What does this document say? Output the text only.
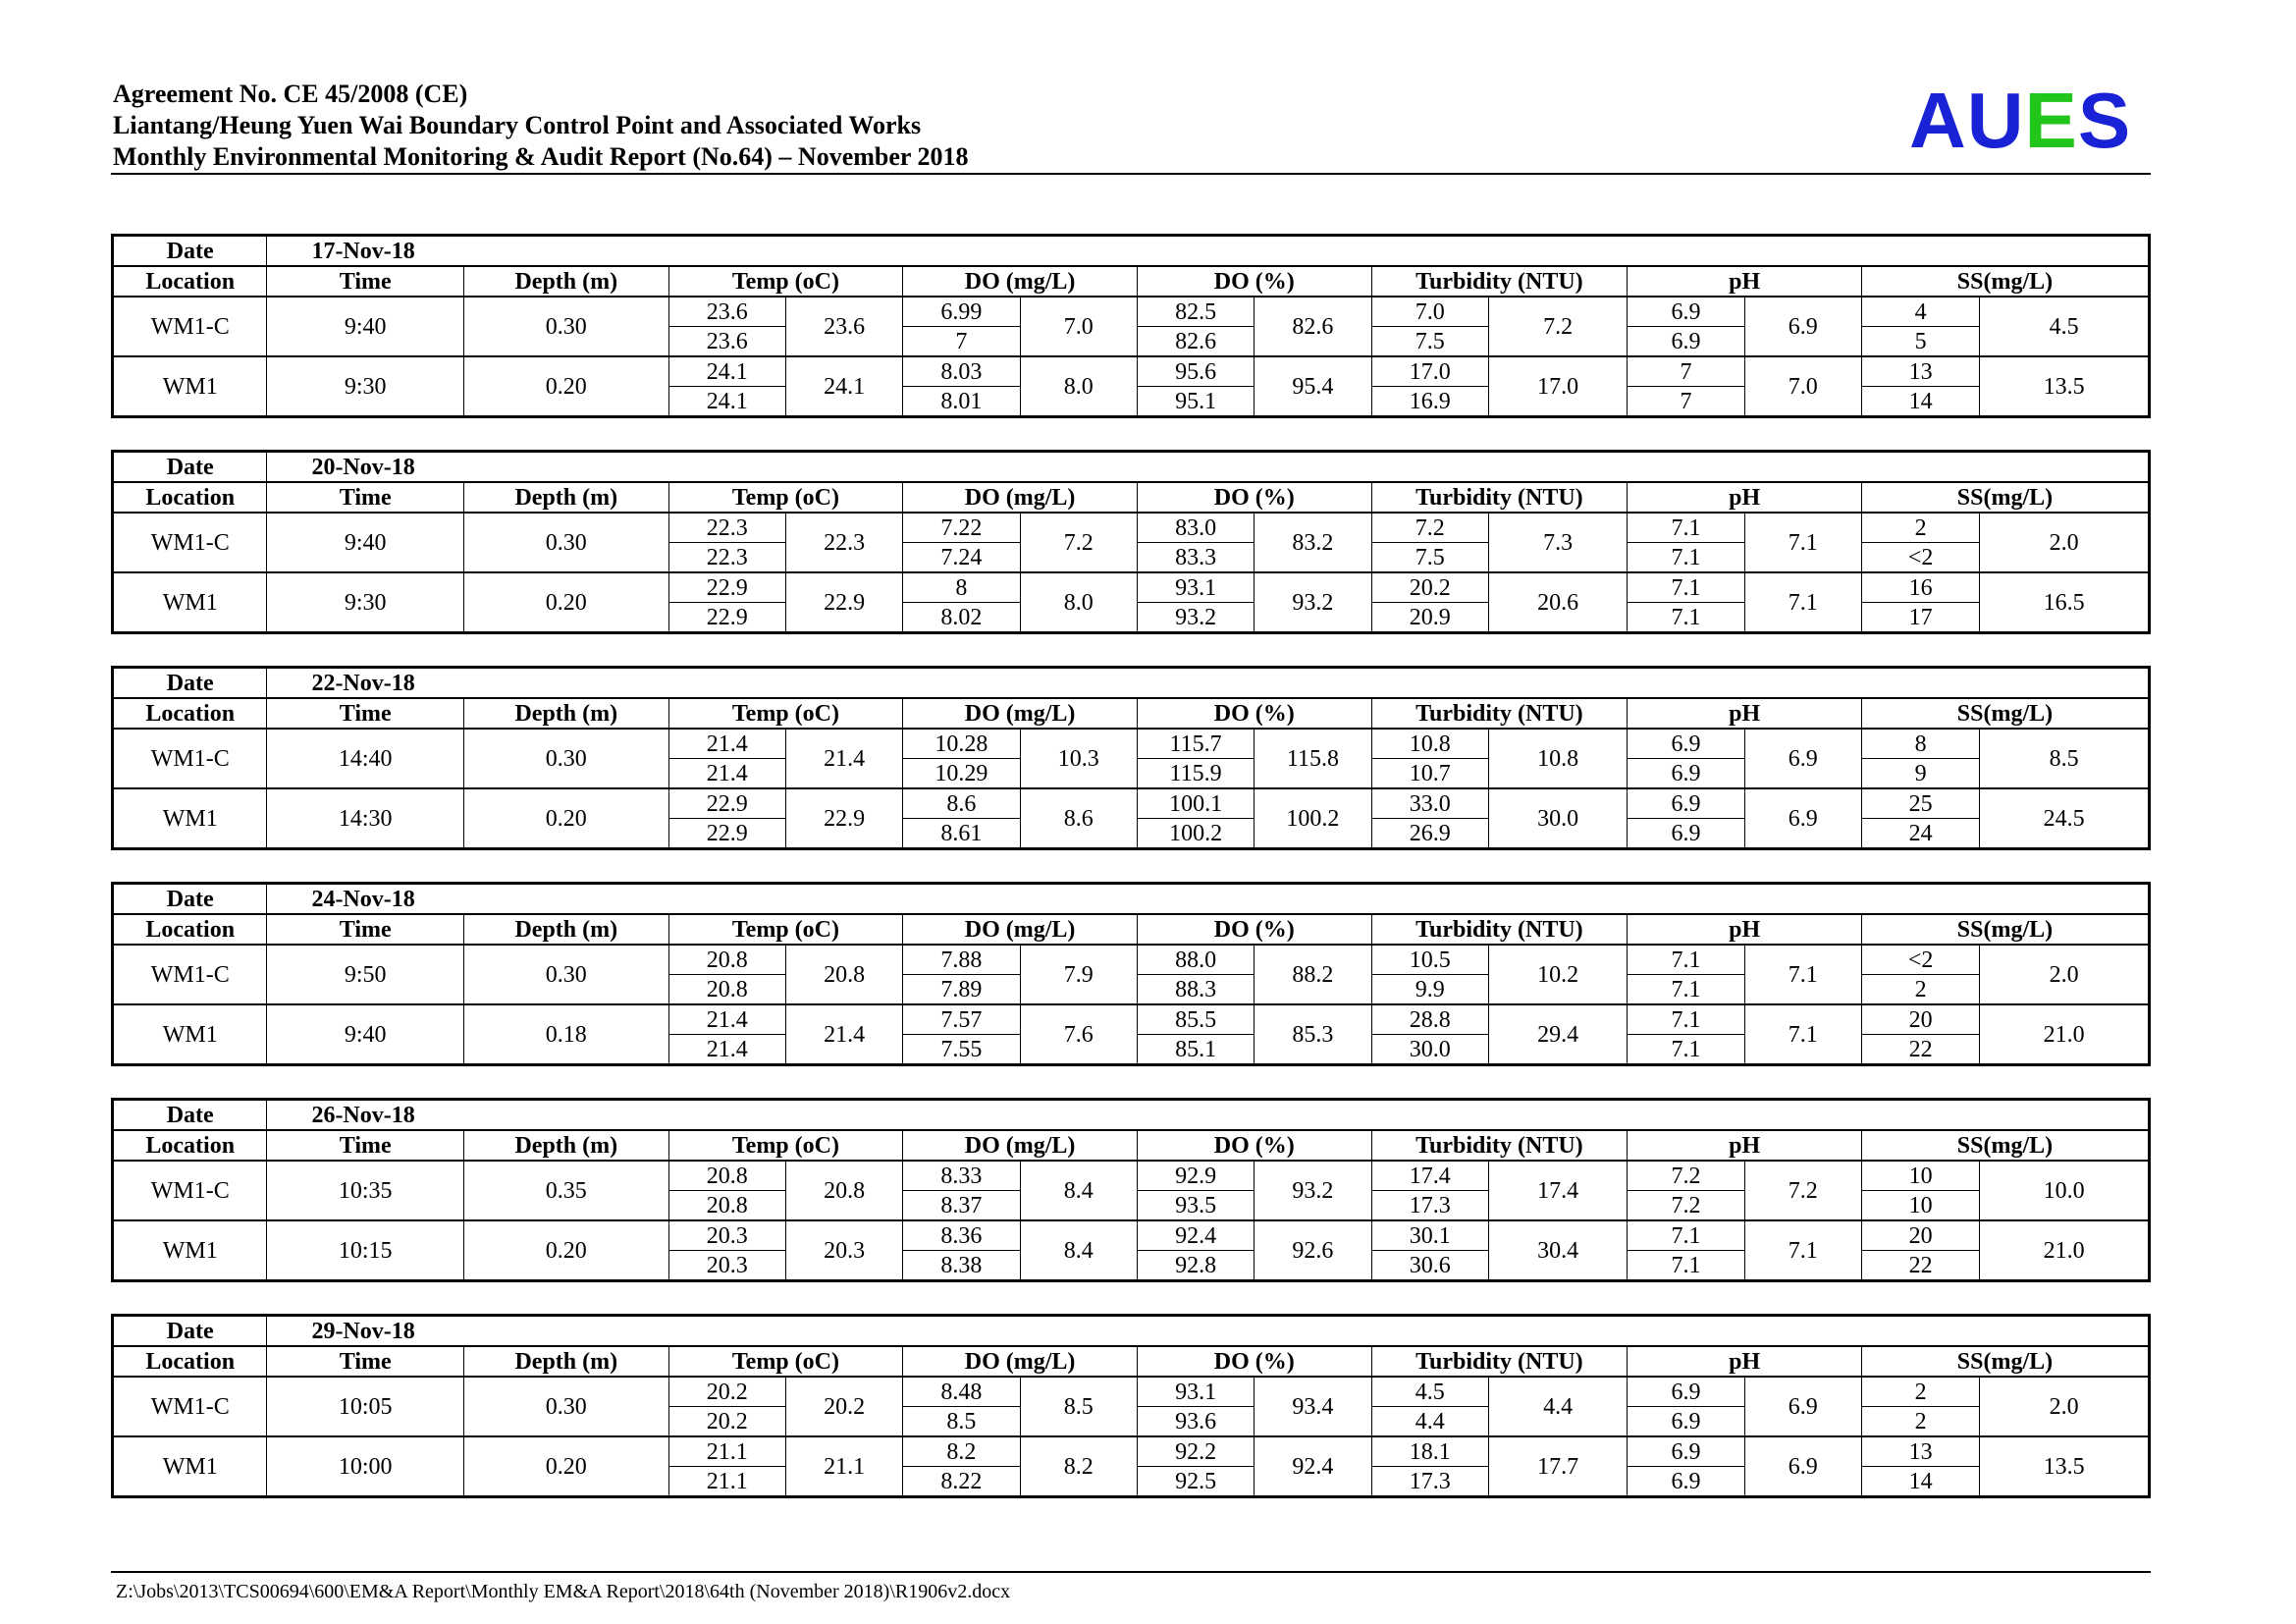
Agreement No. CE 45/2008 (CE)
Liantang/Heung Yuen Wai Boundary Control Point and Associated Works
Monthly Environmental Monitoring & Audit Report (No.64) – November 2018	AUES
Date	17-Nov-18													
Location	Time	Depth (m)	Temp (oC)		DO (mg/L)		DO (%)		Turbidity (NTU)		pH		SS(mg/L)	
WM1-C	9:40	0.30	23.6	23.6	6.99	7.0	82.5	82.6	7.0	7.2	6.9	6.9	4	4.5
			23.6		7		82.6		7.5		6.9		5	
WM1	9:30	0.20	24.1	24.1	8.03	8.0	95.6	95.4	17.0	17.0	7	7.0	13	13.5
			24.1		8.01		95.1		16.9		7		14	
Date	20-Nov-18													
Location	Time	Depth (m)	Temp (oC)		DO (mg/L)		DO (%)		Turbidity (NTU)		pH		SS(mg/L)	
WM1-C	9:40	0.30	22.3	22.3	7.22	7.2	83.0	83.2	7.2	7.3	7.1	7.1	2	2.0
			22.3		7.24		83.3		7.5		7.1		<2	
WM1	9:30	0.20	22.9	22.9	8	8.0	93.1	93.2	20.2	20.6	7.1	7.1	16	16.5
			22.9		8.02		93.2		20.9		7.1		17	
Date	22-Nov-18													
Location	Time	Depth (m)	Temp (oC)		DO (mg/L)		DO (%)		Turbidity (NTU)		pH		SS(mg/L)	
WM1-C	14:40	0.30	21.4	21.4	10.28	10.3	115.7	115.8	10.8	10.8	6.9	6.9	8	8.5
			21.4		10.29		115.9		10.7		6.9		9	
WM1	14:30	0.20	22.9	22.9	8.6	8.6	100.1	100.2	33.0	30.0	6.9	6.9	25	24.5
			22.9		8.61		100.2		26.9		6.9		24	
Date	24-Nov-18													
Location	Time	Depth (m)	Temp (oC)		DO (mg/L)		DO (%)		Turbidity (NTU)		pH		SS(mg/L)	
WM1-C	9:50	0.30	20.8	20.8	7.88	7.9	88.0	88.2	10.5	10.2	7.1	7.1	<2	2.0
			20.8		7.89		88.3		9.9		7.1		2	
WM1	9:40	0.18	21.4	21.4	7.57	7.6	85.5	85.3	28.8	29.4	7.1	7.1	20	21.0
			21.4		7.55		85.1		30.0		7.1		22	
Date	26-Nov-18													
Location	Time	Depth (m)	Temp (oC)		DO (mg/L)		DO (%)		Turbidity (NTU)		pH		SS(mg/L)	
WM1-C	10:35	0.35	20.8	20.8	8.33	8.4	92.9	93.2	17.4	17.4	7.2	7.2	10	10.0
			20.8		8.37		93.5		17.3		7.2		10	
WM1	10:15	0.20	20.3	20.3	8.36	8.4	92.4	92.6	30.1	30.4	7.1	7.1	20	21.0
			20.3		8.38		92.8		30.6		7.1		22	
Date	29-Nov-18													
Location	Time	Depth (m)	Temp (oC)		DO (mg/L)		DO (%)		Turbidity (NTU)		pH		SS(mg/L)	
WM1-C	10:05	0.30	20.2	20.2	8.48	8.5	93.1	93.4	4.5	4.4	6.9	6.9	2	2.0
			20.2		8.5		93.6		4.4		6.9		2	
WM1	10:00	0.20	21.1	21.1	8.2	8.2	92.2	92.4	18.1	17.7	6.9	6.9	13	13.5
			21.1		8.22		92.5		17.3		6.9		14	
Z:\Jobs\2013\TCS00694\600\EM&A Report\Monthly EM&A Report\2018\64th (November 2018)\R1906v2.docx
